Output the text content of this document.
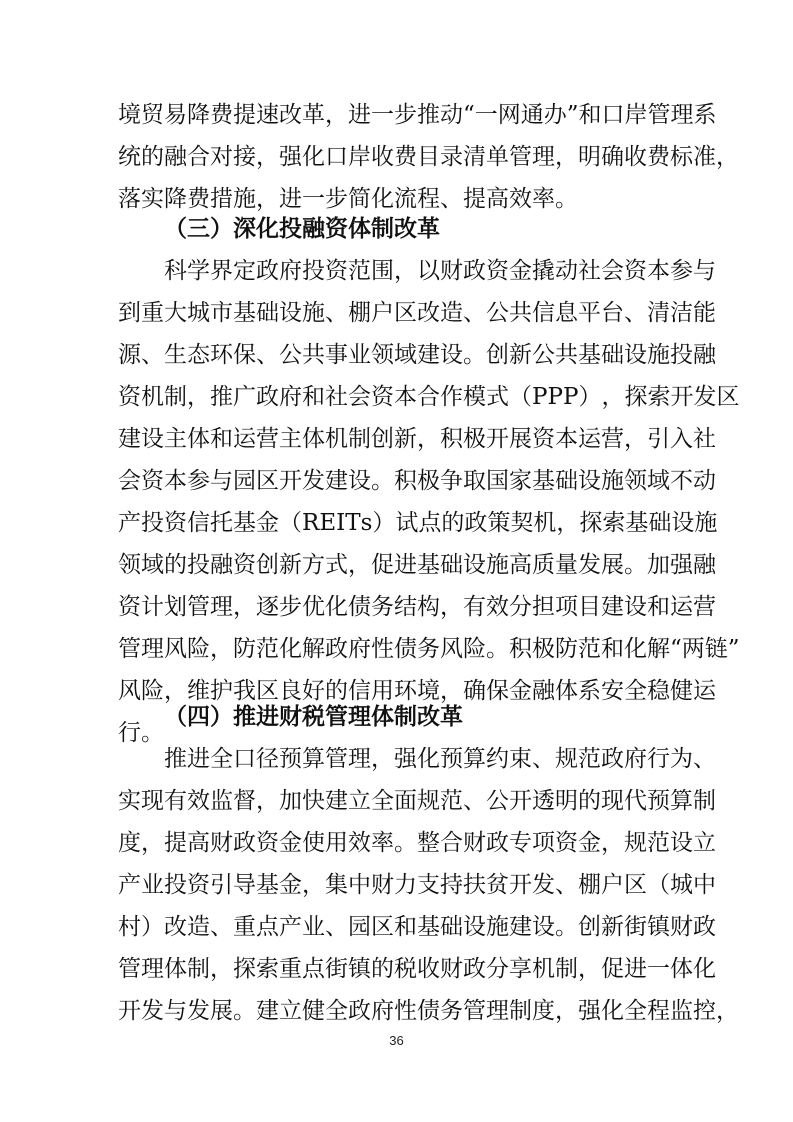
境 贸 易 降 费 提 速 改 革 ， 进 一 步 推 动 “ 一 网 通 办 ” 和 口 岸 管 理 系
统 的 融 合 对 接 ， 强 化 口 岸 收 费 目 录 清 单 管 理 ， 明 确 收 费 标 准 ，
落实降费措施，进一步简化流程、提高效率。
（三）深化投融资体制改革
科 学 界 定 政 府 投 资 范 围 ， 以 财 政 资 金 撬 动 社 会 资 本 参 与
到 重 大 城 市 基 础 设 施 、 棚 户 区 改 造 、 公 共 信 息 平 台 、 清 洁 能
源 、 生 态 环 保 、 公 共 事 业 领 域 建 设 。 创 新 公 共 基 础 设 施 投 融
资 机 制 ， 推 广 政 府 和 社 会 资 本 合 作 模 式 （ P P P ） ， 探 索 开 发 区
建 设 主 体 和 运 营 主 体 机 制 创 新 ， 积 极 开 展 资 本 运 营 ， 引 入 社
会 资 本 参 与 园 区 开 发 建 设 。 积 极 争 取 国 家 基 础 设 施 领 域 不 动
产 投 资 信 托 基 金 （ R E I T s ） 试 点 的 政 策 契 机 ， 探 索 基 础 设 施
领 域 的 投 融 资 创 新 方 式 ， 促 进 基 础 设 施 高 质 量 发 展 。 加 强 融
资 计 划 管 理 ， 逐 步 优 化 债 务 结 构 ， 有 效 分 担 项 目 建 设 和 运 营
管 理 风 险 ， 防 范 化 解 政 府 性 债 务 风 险 。 积 极 防 范 和 化 解 “ 两 链 ”
风 险 ， 维 护 我 区 良 好 的 信 用 环 境 ， 确 保 金 融 体 系 安 全 稳 健 运
行。
（四）推进财税管理体制改革
推 进 全 口 径 预 算 管 理 ， 强 化 预 算 约 束 、 规 范 政 府 行 为 、
实 现 有 效 监 督 ， 加 快 建 立 全 面 规 范 、 公 开 透 明 的 现 代 预 算 制
度 ， 提 高 财 政 资 金 使 用 效 率 。 整 合 财 政 专 项 资 金 ， 规 范 设 立
产 业 投 资 引 导 基 金 ， 集 中 财 力 支 持 扶 贫 开 发 、 棚 户 区 （ 城 中
村 ） 改 造 、 重 点 产 业 、 园 区 和 基 础 设 施 建 设 。 创 新 街 镇 财 政
管 理 体 制 ， 探 索 重 点 街 镇 的 税 收 财 政 分 享 机 制 ， 促 进 一 体 化
开 发 与 发 展 。 建 立 健 全 政 府 性 债 务 管 理 制 度 ， 强 化 全 程 监 控 ，
36
